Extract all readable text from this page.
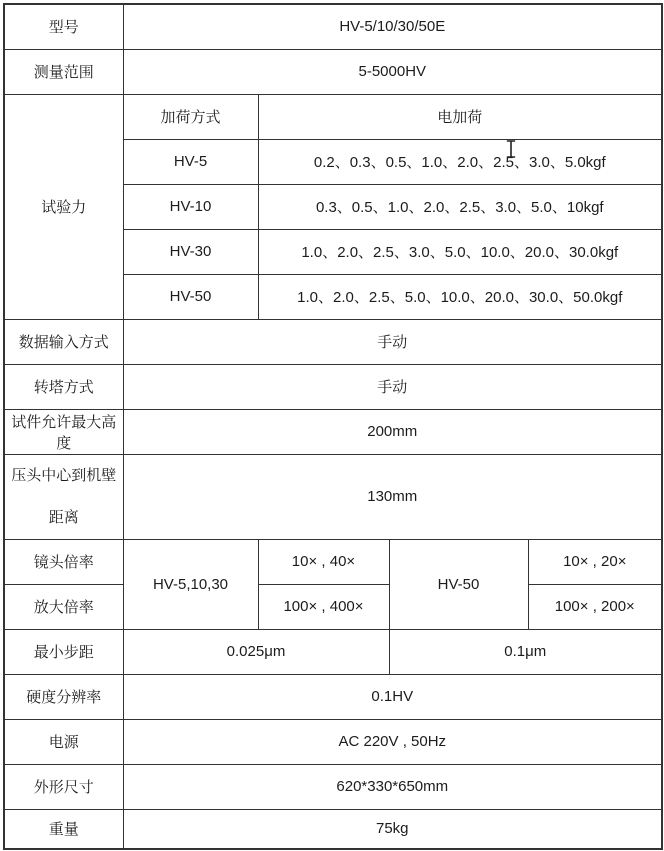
型号	HV-5/10/30/50E			
测量范围	5-5000HV			
试验力	加荷方式	电加荷		
	HV-5	0.2、0.3、0.5、1.0、2.0、2.5、3.0、5.0kgf		
	HV-10	0.3、0.5、1.0、2.0、2.5、3.0、5.0、10kgf		
	HV-30	1.0、2.0、2.5、3.0、5.0、10.0、20.0、30.0kgf		
	HV-50	1.0、2.0、2.5、5.0、10.0、20.0、30.0、50.0kgf		
数据输入方式	手动			
转塔方式	手动			
试件允许最大高度	200mm			
压头中心到机壁距离	130mm			
镜头倍率	HV-5,10,30	10× , 40×	HV-50	10× , 20×
放大倍率		100× , 400×		100× , 200×
最小步距	0.025μm		0.1μm	
硬度分辨率	0.1HV			
电源	AC 220V , 50Hz			
外形尺寸	620*330*650mm			
重量	75kg			
